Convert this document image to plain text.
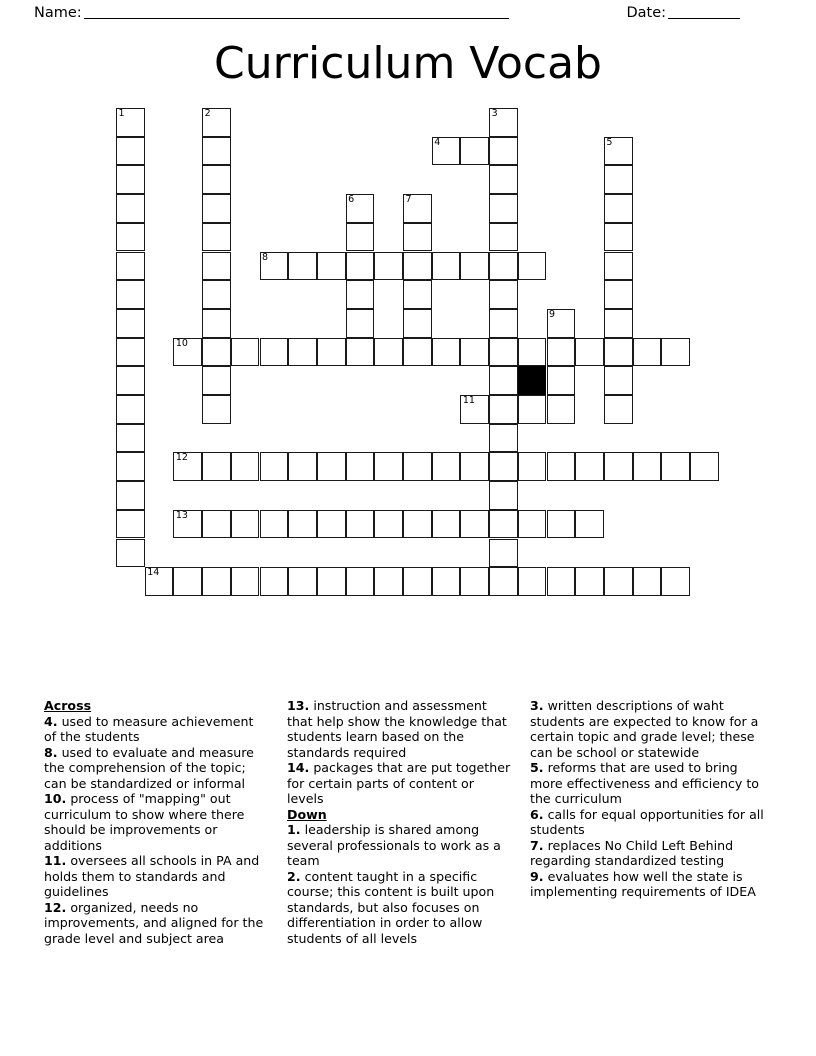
Name:	Date:
Curriculum Vocab
1	2	3
4	5
6	7
8
9
10
11
12
13
14
Across

4. used to measure achievement of the students

8. used to evaluate and measure the comprehension of the topic; can be standardized or informal

10. process of "mapping" out curriculum to show where there should be improvements or additions

11. oversees all schools in PA and holds them to standards and guidelines

12. organized, needs no improvements, and aligned for the grade level and subject area

13. instruction and assessment that help show the knowledge that students learn based on the standards required

14. packages that are put together for certain parts of content or levels

Down

1. leadership is shared among several professionals to work as a team

2. content taught in a specific course; this content is built upon standards, but also focuses on differentiation in order to allow students of all levels

3. written descriptions of waht students are expected to know for a certain topic and grade level; these can be school or statewide

5. reforms that are used to bring more effectiveness and efficiency to the curriculum

6. calls for equal opportunities for all students

7. replaces No Child Left Behind regarding standardized testing

9. evaluates how well the state is implementing requirements of IDEA
